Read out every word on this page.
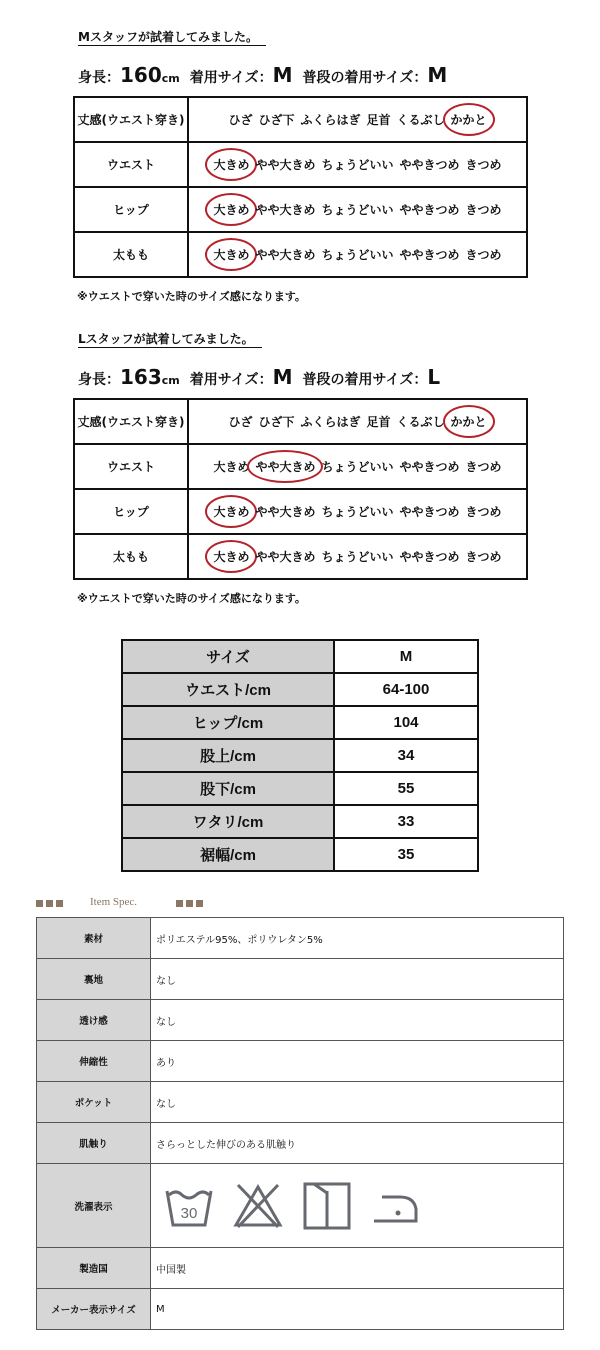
Mスタッフが試着してみました。
身長：160cm 着用サイズ：M 普段の着用サイズ：M
丈感(ウエスト穿き)	ひざ ひざ下 ふくらはぎ 足首 くるぶし かかと
ウエスト	大きめ やや大きめ ちょうどいい ややきつめ きつめ
ヒップ	大きめ やや大きめ ちょうどいい ややきつめ きつめ
太もも	大きめ やや大きめ ちょうどいい ややきつめ きつめ
※ウエストで穿いた時のサイズ感になります。
Lスタッフが試着してみました。
身長：163cm 着用サイズ：M 普段の着用サイズ：L
丈感(ウエスト穿き)	ひざ ひざ下 ふくらはぎ 足首 くるぶし かかと
ウエスト	大きめ やや大きめ ちょうどいい ややきつめ きつめ
ヒップ	大きめ やや大きめ ちょうどいい ややきつめ きつめ
太もも	大きめ やや大きめ ちょうどいい ややきつめ きつめ
※ウエストで穿いた時のサイズ感になります。
サイズ	M
ウエスト/cm	64-100
ヒップ/cm	104
股上/cm	34
股下/cm	55
ワタリ/cm	33
裾幅/cm	35
Item Spec.
素材	ポリエステル95%、ポリウレタン5%
裏地	なし
透け感	なし
伸縮性	あり
ポケット	なし
肌触り	さらっとした伸びのある肌触り
洗濯表示	30

製造国	中国製
メーカー表示サイズ	M
